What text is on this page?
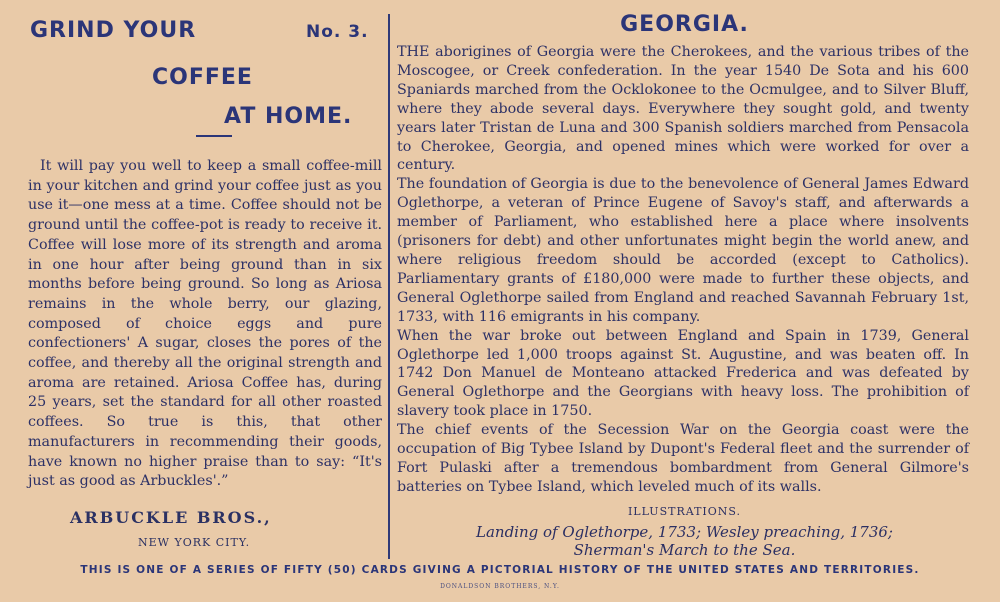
GRIND YOUR	No. 3.
COFFEE
AT HOME.
It will pay you well to keep a small coffee-mill in your kitchen and grind your coffee just as you use it—one mess at a time. Coffee should not be ground until the coffee-pot is ready to receive it. Coffee will lose more of its strength and aroma in one hour after being ground than in six months before being ground. So long as Ariosa remains in the whole berry, our glazing, composed of choice eggs and pure confectioners' A sugar, closes the pores of the coffee, and thereby all the original strength and aroma are retained. Ariosa Coffee has, during 25 years, set the standard for all other roasted coffees. So true is this, that other manufacturers in recommending their goods, have known no higher praise than to say: “It's just as good as Arbuckles'.”
ARBUCKLE BROS.,
NEW YORK CITY.
GEORGIA.

THE aborigines of Georgia were the Cherokees, and the various tribes of the Moscogee, or Creek confederation. In the year 1540 De Sota and his 600 Spaniards marched from the Ocklokonee to the Ocmulgee, and to Silver Bluff, where they abode several days. Everywhere they sought gold, and twenty years later Tristan de Luna and 300 Spanish soldiers marched from Pensacola to Cherokee, Georgia, and opened mines which were worked for over a century.

The foundation of Georgia is due to the benevolence of General James Edward Oglethorpe, a veteran of Prince Eugene of Savoy's staff, and afterwards a member of Parliament, who established here a place where insolvents (prisoners for debt) and other unfortunates might begin the world anew, and where religious freedom should be accorded (except to Catholics). Parliamentary grants of £180,000 were made to further these objects, and General Oglethorpe sailed from England and reached Savannah February 1st, 1733, with 116 emigrants in his company.

When the war broke out between England and Spain in 1739, General Oglethorpe led 1,000 troops against St. Augustine, and was beaten off. In 1742 Don Manuel de Monteano attacked Frederica and was defeated by General Oglethorpe and the Georgians with heavy loss. The prohibition of slavery took place in 1750.

The chief events of the Secession War on the Georgia coast were the occupation of Big Tybee Island by Dupont's Federal fleet and the surrender of Fort Pulaski after a tremendous bombardment from General Gilmore's batteries on Tybee Island, which leveled much of its walls.

ILLUSTRATIONS.
Landing of Oglethorpe, 1733; Wesley preaching, 1736;
Sherman's March to the Sea.
THIS IS ONE OF A SERIES OF FIFTY (50) CARDS GIVING A PICTORIAL HISTORY OF THE UNITED STATES AND TERRITORIES.
DONALDSON BROTHERS, N.Y.
